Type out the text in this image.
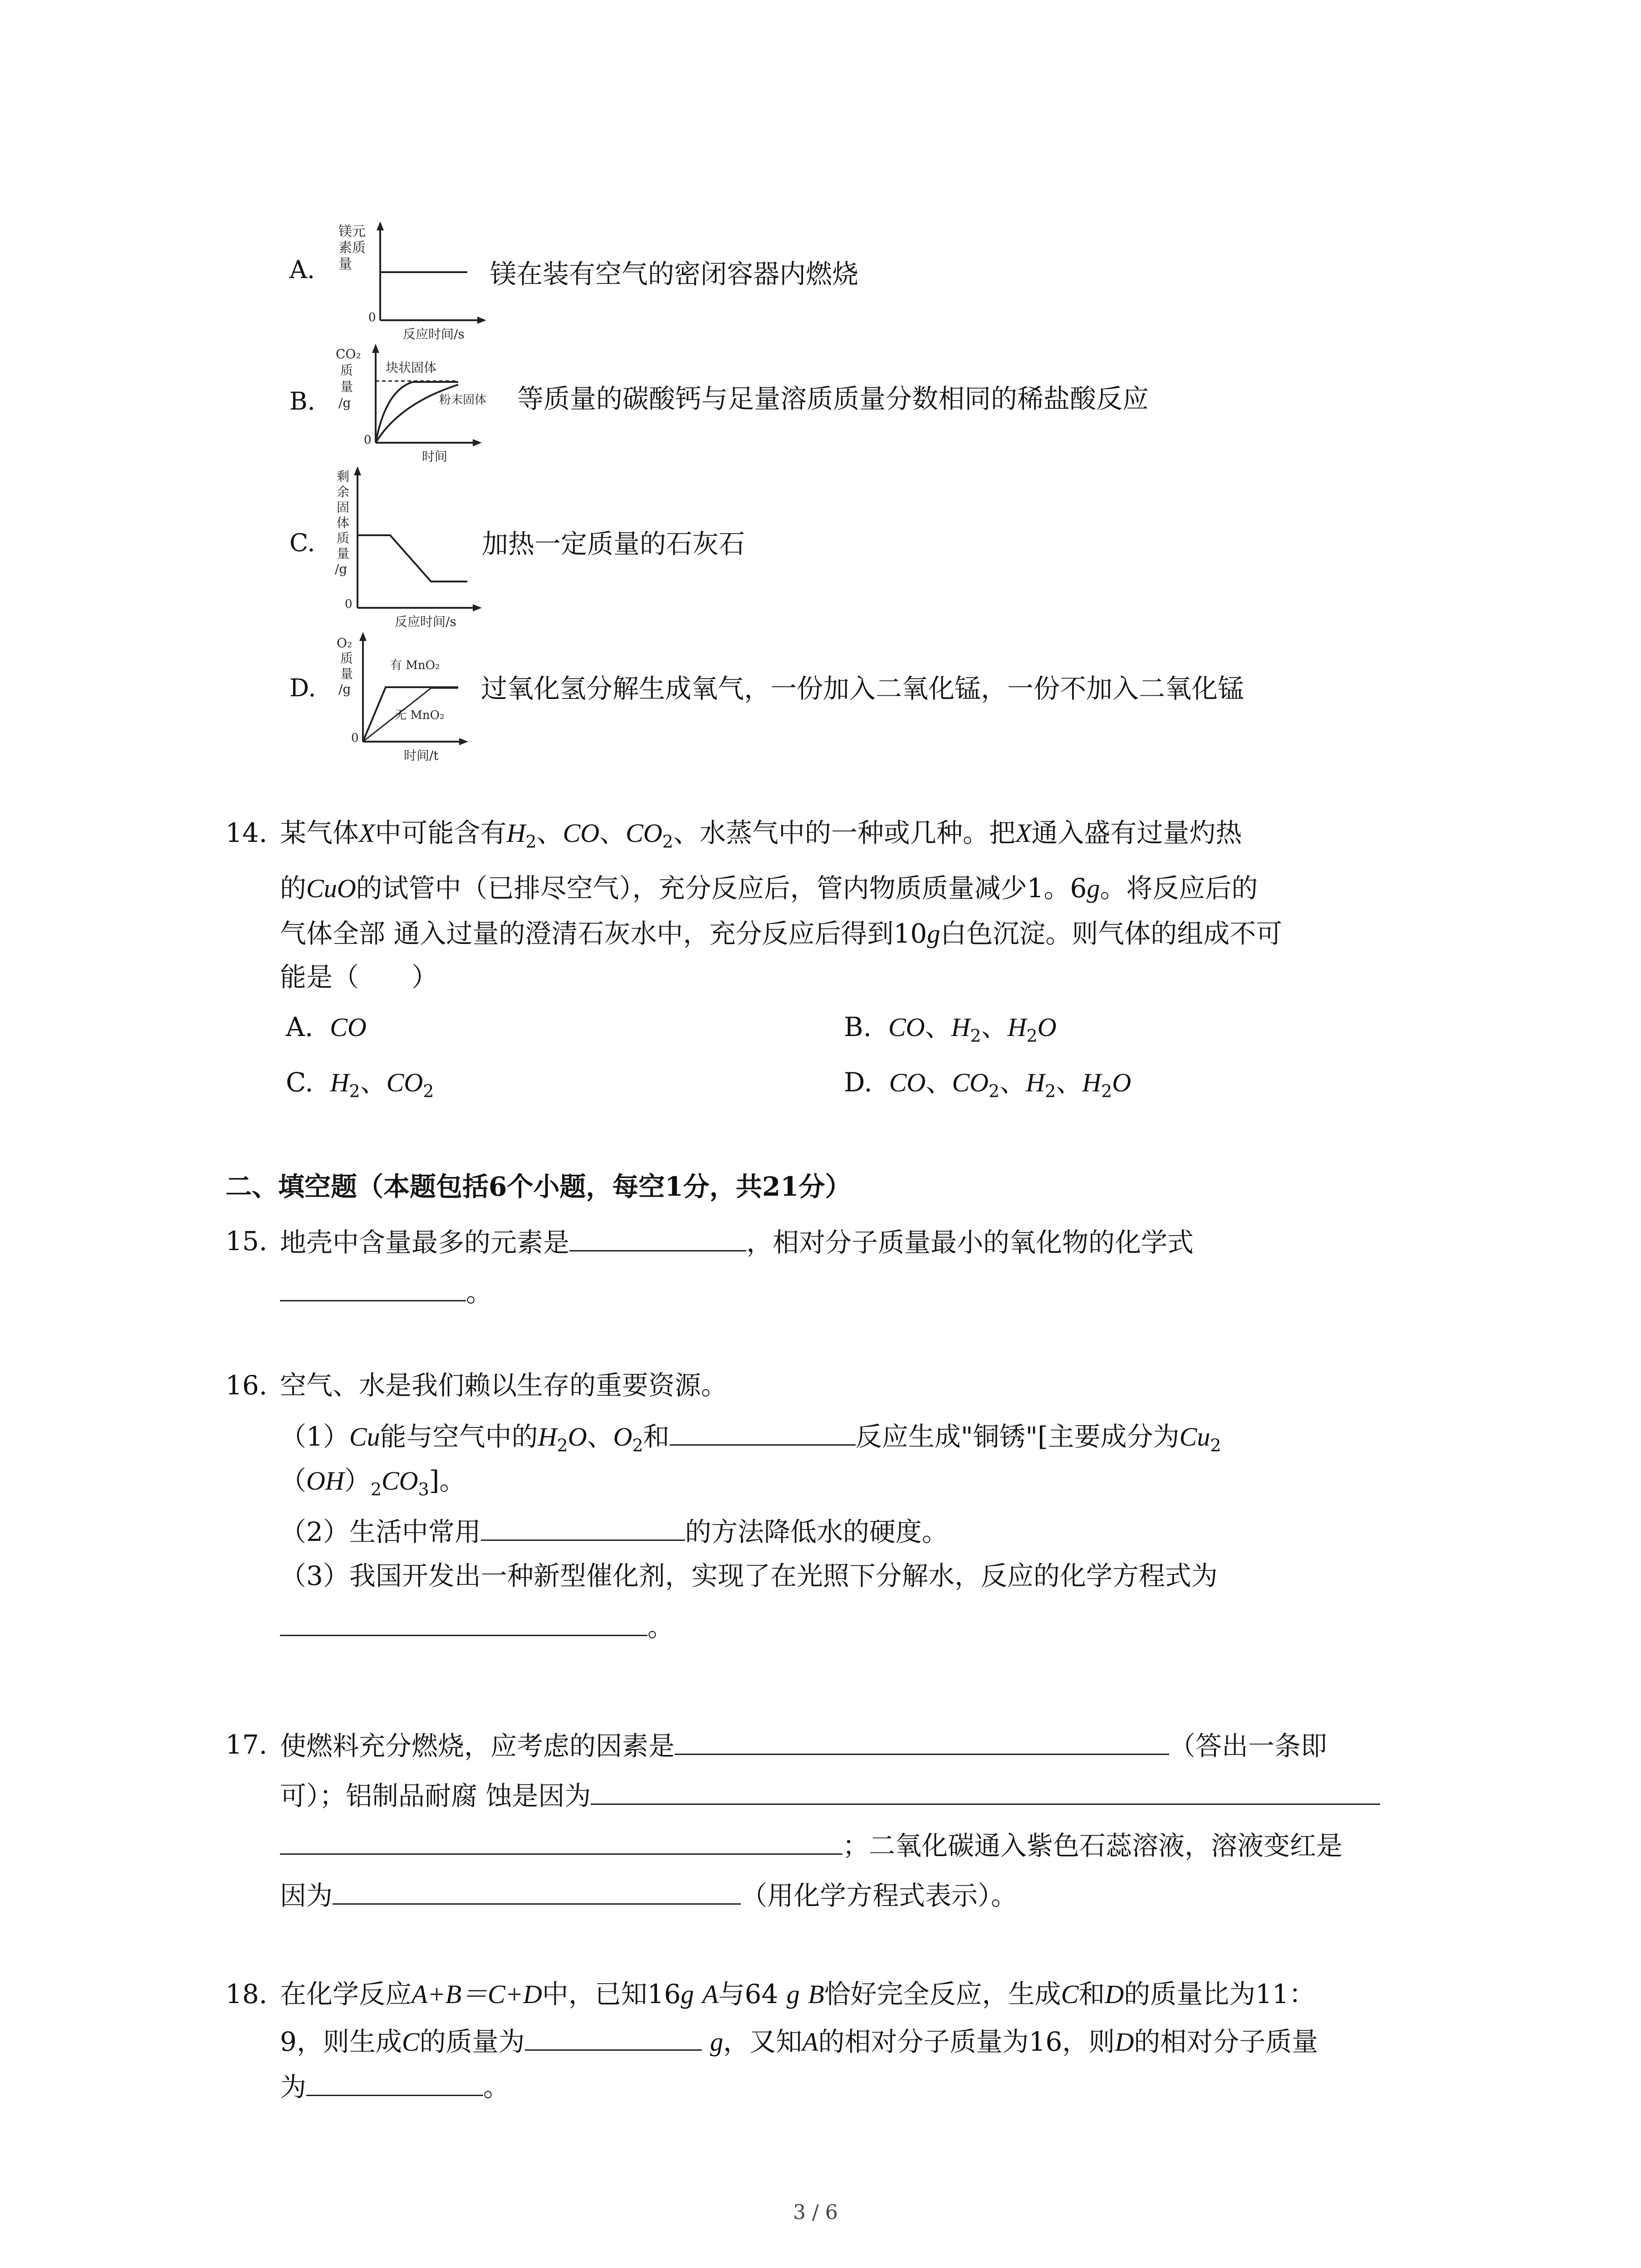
A.
镁元
素质
量
0
反应时间/s
镁在装有空气的密闭容器内燃烧
B.
CO₂
质
量
/g
块状固体
粉末固体
0
时间
等质量的碳酸钙与足量溶质质量分数相同的稀盐酸反应
C.
剩
余
固
体
质
量
/g
0
反应时间/s
加热一定质量的石灰石
D.
O₂
质
量
/g
有 MnO₂
无 MnO₂
0
时间/t
过氧化氢分解生成氧气，一份加入二氧化锰，一份不加入二氧化锰
14. 某气体X中可能含有$H_2$、CO、$CO_2$、水蒸气中的一种或几种。把X通入盛有过量灼热
的CuO的试管中（已排尽空气），充分反应后，管内物质质量减少1。6g。将反应后的
气体全部 通入过量的澄清石灰水中，充分反应后得到10g白色沉淀。则气体的组成不可
能是（　　）
A. CO	B. CO、$H_2$、$H_2O$
C. $H_2$、$CO_2$	D. CO、$CO_2$、$H_2$、$H_2O$
二、填空题（本题包括6个小题，每空1分，共21分）
15. 地壳中含量最多的元素是	，相对分子质量最小的氧化物的化学式
。
16. 空气、水是我们赖以生存的重要资源。
（1）Cu能与空气中的$H_2O$、$O_2$和	反应生成"铜锈"[主要成分为$Cu_2$
$(OH)_2CO_3$]。
（2）生活中常用	的方法降低水的硬度。
（3）我国开发出一种新型催化剂，实现了在光照下分解水，反应的化学方程式为
。
17. 使燃料充分燃烧，应考虑的因素是	（答出一条即
可）；铝制品耐腐 蚀是因为
；二氧化碳通入紫色石蕊溶液，溶液变红是
因为	（用化学方程式表示）。
18. 在化学反应A+B＝C+D中，已知16g A与64 g B恰好完全反应，生成C和D的质量比为11：
9，则生成C的质量为	g，又知A的相对分子质量为16，则D的相对分子质量
为	。
3 / 6
